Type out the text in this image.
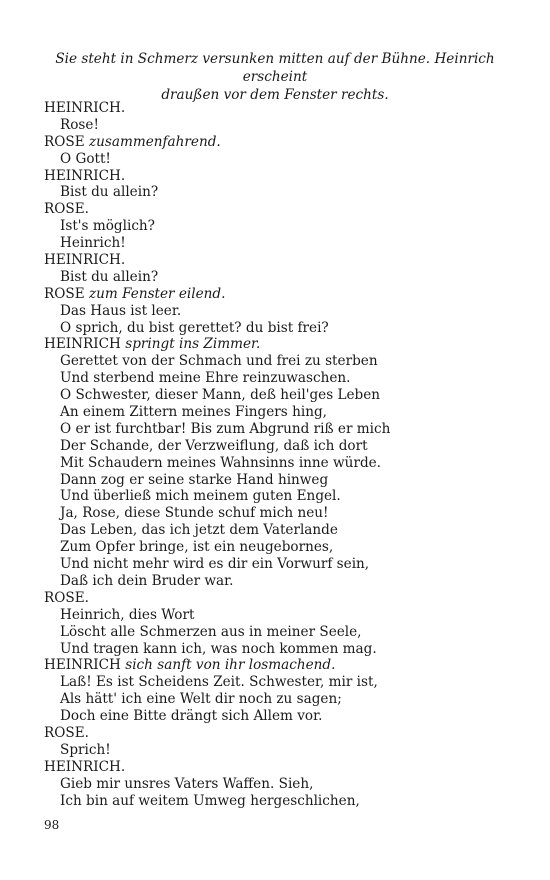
Sie steht in Schmerz versunken mitten auf der Bühne. Heinrich erscheint
draußen vor dem Fenster rechts.
HEINRICH.
Rose!
ROSE zusammenfahrend.
O Gott!
HEINRICH.
Bist du allein?
ROSE.
Ist's möglich?
Heinrich!
HEINRICH.
Bist du allein?
ROSE zum Fenster eilend.
Das Haus ist leer.
O sprich, du bist gerettet? du bist frei?
HEINRICH springt ins Zimmer.
Gerettet von der Schmach und frei zu sterben
Und sterbend meine Ehre reinzuwaschen.
O Schwester, dieser Mann, deß heil'ges Leben
An einem Zittern meines Fingers hing,
O er ist furchtbar! Bis zum Abgrund riß er mich
Der Schande, der Verzweiflung, daß ich dort
Mit Schaudern meines Wahnsinns inne würde.
Dann zog er seine starke Hand hinweg
Und überließ mich meinem guten Engel.
Ja, Rose, diese Stunde schuf mich neu!
Das Leben, das ich jetzt dem Vaterlande
Zum Opfer bringe, ist ein neugebornes,
Und nicht mehr wird es dir ein Vorwurf sein,
Daß ich dein Bruder war.
ROSE.
Heinrich, dies Wort
Löscht alle Schmerzen aus in meiner Seele,
Und tragen kann ich, was noch kommen mag.
HEINRICH sich sanft von ihr losmachend.
Laß! Es ist Scheidens Zeit. Schwester, mir ist,
Als hätt' ich eine Welt dir noch zu sagen;
Doch eine Bitte drängt sich Allem vor.
ROSE.
Sprich!
HEINRICH.
Gieb mir unsres Vaters Waffen. Sieh,
Ich bin auf weitem Umweg hergeschlichen,
98
